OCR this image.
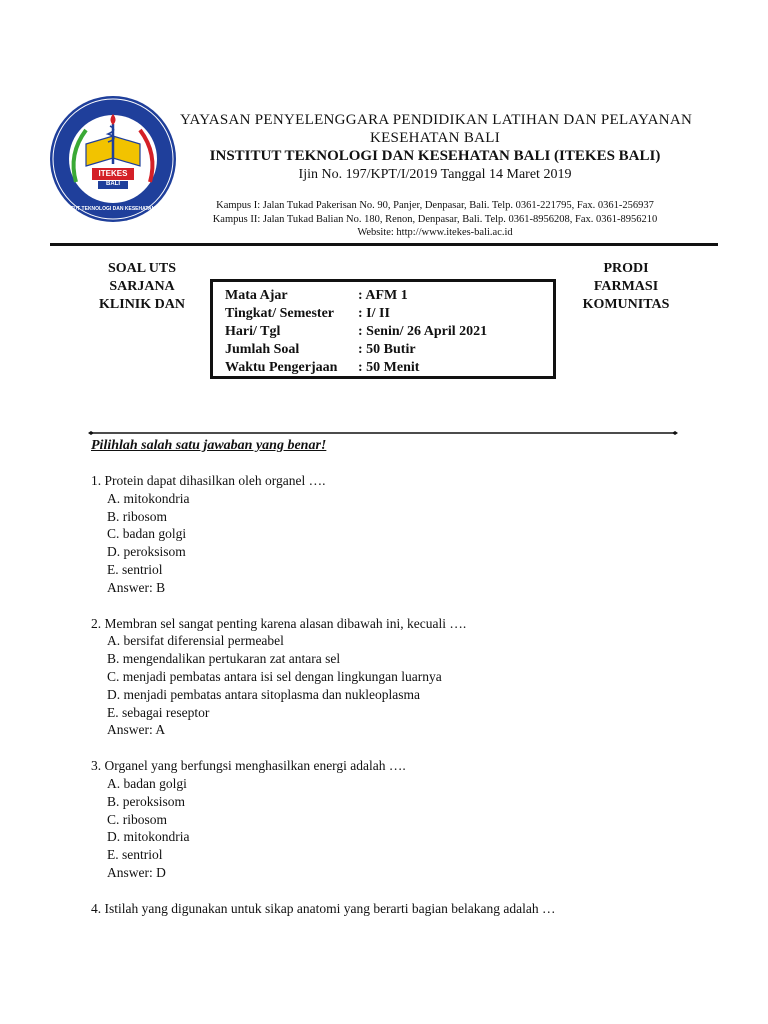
ITEKES
BALI
INSTITUT TEKNOLOGI DAN KESEHATAN BALI
YAYASAN PENYELENGGARA PENDIDIKAN LATIHAN DAN PELAYANAN
KESEHATAN BALI
INSTITUT TEKNOLOGI DAN KESEHATAN BALI (ITEKES BALI)
Ijin No. 197/KPT/I/2019 Tanggal 14 Maret 2019
Kampus I: Jalan Tukad Pakerisan No. 90, Panjer, Denpasar, Bali. Telp. 0361-221795, Fax. 0361-256937
Kampus II: Jalan Tukad Balian No. 180, Renon, Denpasar, Bali. Telp. 0361-8956208, Fax. 0361-8956210
Website: http://www.itekes-bali.ac.id
SOAL UTS
SARJANA
KLINIK DAN
PRODI
FARMASI
KOMUNITAS
Mata Ajar	: AFM 1
Tingkat/ Semester : I/ II
Hari/ Tgl	: Senin/ 26 April 2021
Jumlah Soal	: 50 Butir
Waktu Pengerjaan : 50 Menit
Pilihlah salah satu jawaban yang benar!
1. Protein dapat dihasilkan oleh organel ….
A. mitokondria
B. ribosom
C. badan golgi
D. peroksisom
E. sentriol
Answer: B
2. Membran sel sangat penting karena alasan dibawah ini, kecuali ….
A. bersifat diferensial permeabel
B. mengendalikan pertukaran zat antara sel
C. menjadi pembatas antara isi sel dengan lingkungan luarnya
D. menjadi pembatas antara sitoplasma dan nukleoplasma
E. sebagai reseptor
Answer: A
3. Organel yang berfungsi menghasilkan energi adalah ….
A. badan golgi
B. peroksisom
C. ribosom
D. mitokondria
E. sentriol
Answer: D
4. Istilah yang digunakan untuk sikap anatomi yang berarti bagian belakang adalah …
